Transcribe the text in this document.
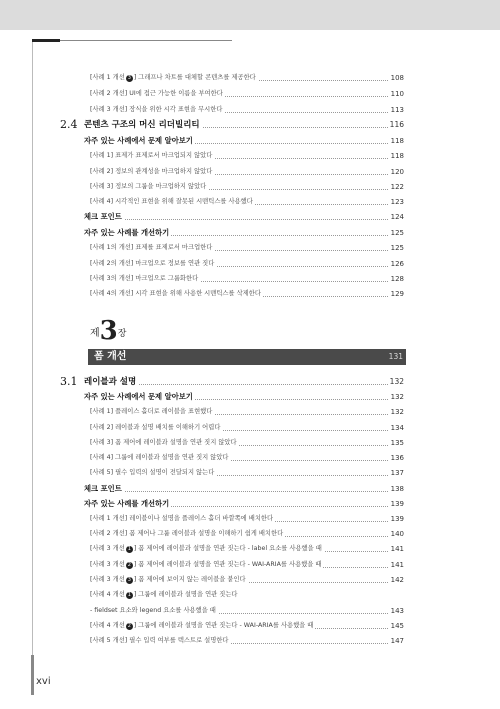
제3장
폼 개선	131
[사례 1 개선 3 ] 그래프나 차트를 대체할 콘텐츠를 제공한다	108
[사례 2 개선] UI에 접근 가능한 이름을 부여한다	110
[사례 3 개선] 장식을 위한 시각 표현을 무시한다	113
2.4 콘텐츠 구조의 머신 리더빌리티	116
자주 있는 사례에서 문제 알아보기	118
[사례 1] 표제가 표제로서 마크업되지 않았다	118
[사례 2] 정보의 관계성을 마크업하지 않았다	120
[사례 3] 정보의 그룹을 마크업하지 않았다	122
[사례 4] 시각적인 표현을 위해 잘못된 시맨틱스를 사용했다	123
체크 포인트	124
자주 있는 사례를 개선하기	125
[사례 1의 개선] 표제를 표제로서 마크업한다	125
[사례 2의 개선] 마크업으로 정보를 연관 짓다	126
[사례 3의 개선] 마크업으로 그룹화한다	128
[사례 4의 개선] 시각 표현을 위해 사용한 시맨틱스를 삭제한다	129
3.1 레이블과 설명	132
자주 있는 사례에서 문제 알아보기	132
[사례 1] 플레이스 홀더로 레이블을 표현했다	132
[사례 2] 레이블과 설명 배치를 이해하기 어렵다	134
[사례 3] 폼 제어에 레이블과 설명을 연관 짓지 않았다	135
[사례 4] 그룹에 레이블과 설명을 연관 짓지 않았다	136
[사례 5] 필수 입력의 설명이 전달되지 않는다	137
체크 포인트	138
자주 있는 사례를 개선하기	139
[사례 1 개선] 레이블이나 설명을 플레이스 홀더 바깥쪽에 배치한다	139
[사례 2 개선] 폼 제어나 그룹 레이블과 설명을 이해하기 쉽게 배치한다	140
[사례 3 개선 1 ] 폼 제어에 레이블과 설명을 연관 짓는다 - label 요소를 사용했을 때	141
[사례 3 개선 2 ] 폼 제어에 레이블과 설명을 연관 짓는다 - WAI-ARIA를 사용했을 때	141
[사례 3 개선 3 ] 폼 제어에 보이지 않는 레이블을 붙인다	142
[사례 4 개선 1 ] 그룹에 레이블과 설명을 연관 짓는다
- fieldset 요소와 legend 요소를 사용했을 때	143
[사례 4 개선 2 ] 그룹에 레이블과 설명을 연관 짓는다 - WAI-ARIA를 사용했을 때	145
[사례 5 개선] 필수 입력 여부를 텍스트로 설명한다	147
xvi
